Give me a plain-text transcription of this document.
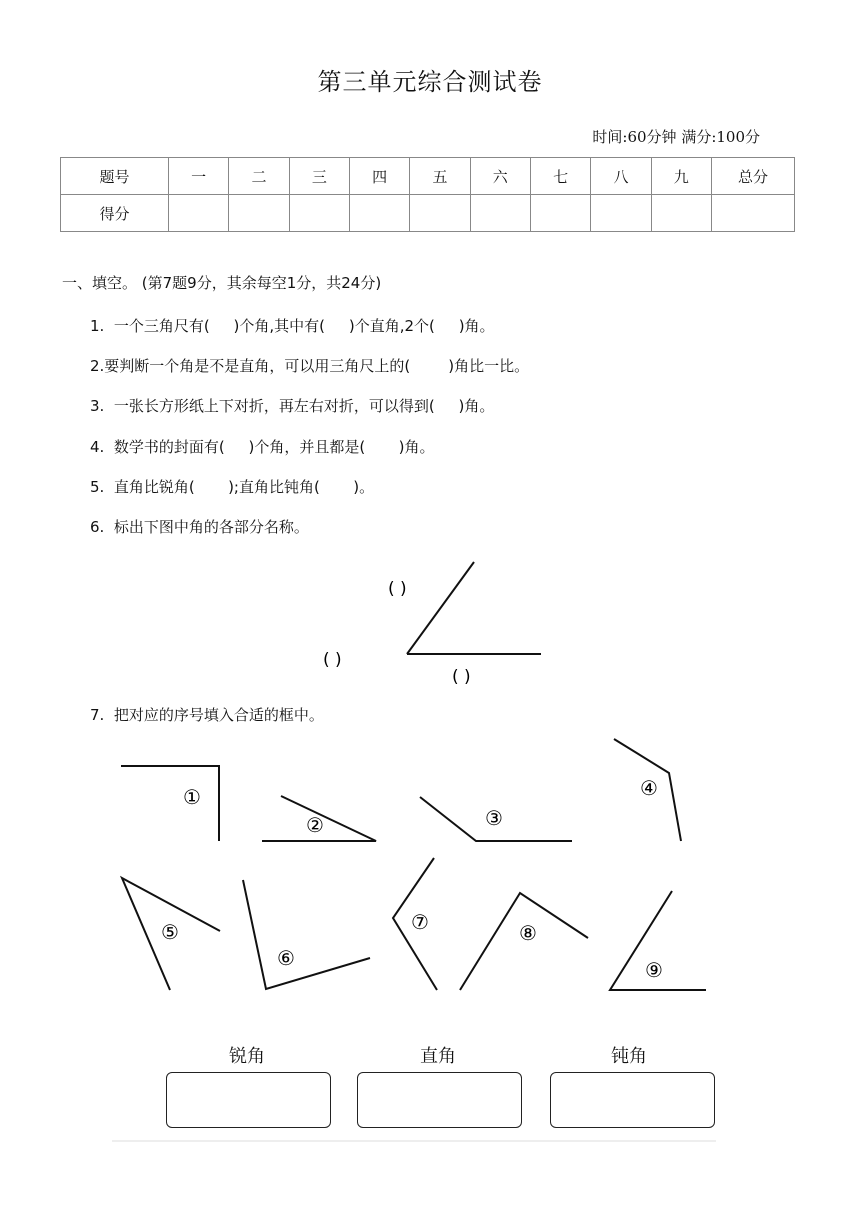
第三单元综合测试卷
时间:60分钟 满分:100分
题号	一	二	三	四	五	六	七	八	九	总分
得分										
一、填空。 (第7题9分，其余每空1分，共24分)
1.  一个三角尺有(     )个角,其中有(     )个直角,2个(     )角。
2.要判断一个角是不是直角，可以用三角尺上的(        )角比一比。
3.  一张长方形纸上下对折，再左右对折，可以得到(     )角。
4.  数学书的封面有(     )个角，并且都是(       )角。
5.  直角比锐角(       );直角比钝角(       )。
6.  标出下图中角的各部分名称。
7.  把对应的序号填入合适的框中。
( )
( )
( )
①
②	③
④
⑤
⑥
⑦	⑧
⑨
锐角	直角	钝角
